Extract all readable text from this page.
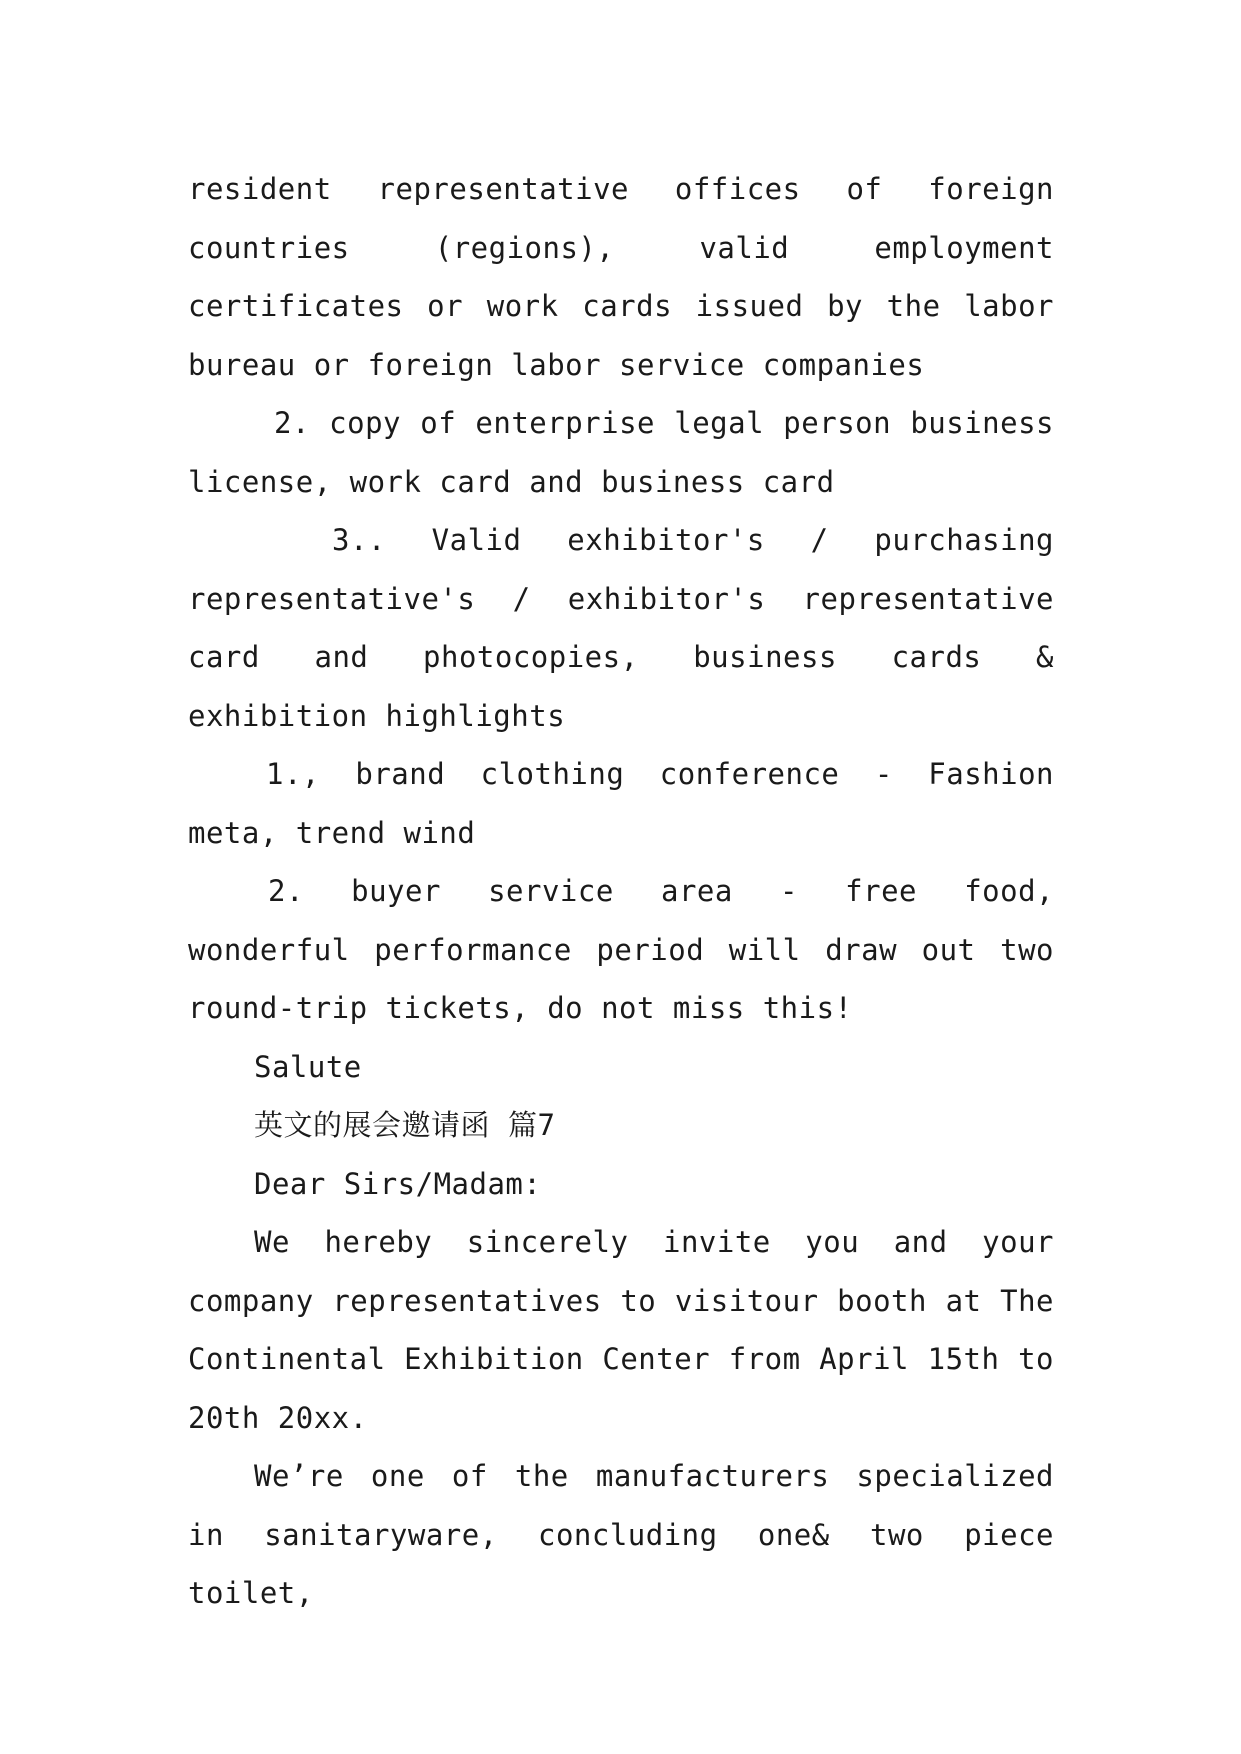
resident representative offices of foreign countries (regions), valid employment certificates or work cards issued by the labor bureau or foreign labor service companies

2. copy of enterprise legal person business license, work card and business card

3.. Valid exhibitor's / purchasing representative's / exhibitor's representative card and photocopies, business cards & exhibition highlights

1., brand clothing conference - Fashion meta, trend wind

2. buyer service area - free food, wonderful performance period will draw out two round-trip tickets, do not miss this!

Salute

英文的展会邀请函 篇7

Dear Sirs/Madam:

We hereby sincerely invite you and your company representatives to visitour booth at The Continental Exhibition Center from April 15th to 20th 20xx.

We’re one of the manufacturers specialized in sanitaryware, concluding one& two piece toilet,
